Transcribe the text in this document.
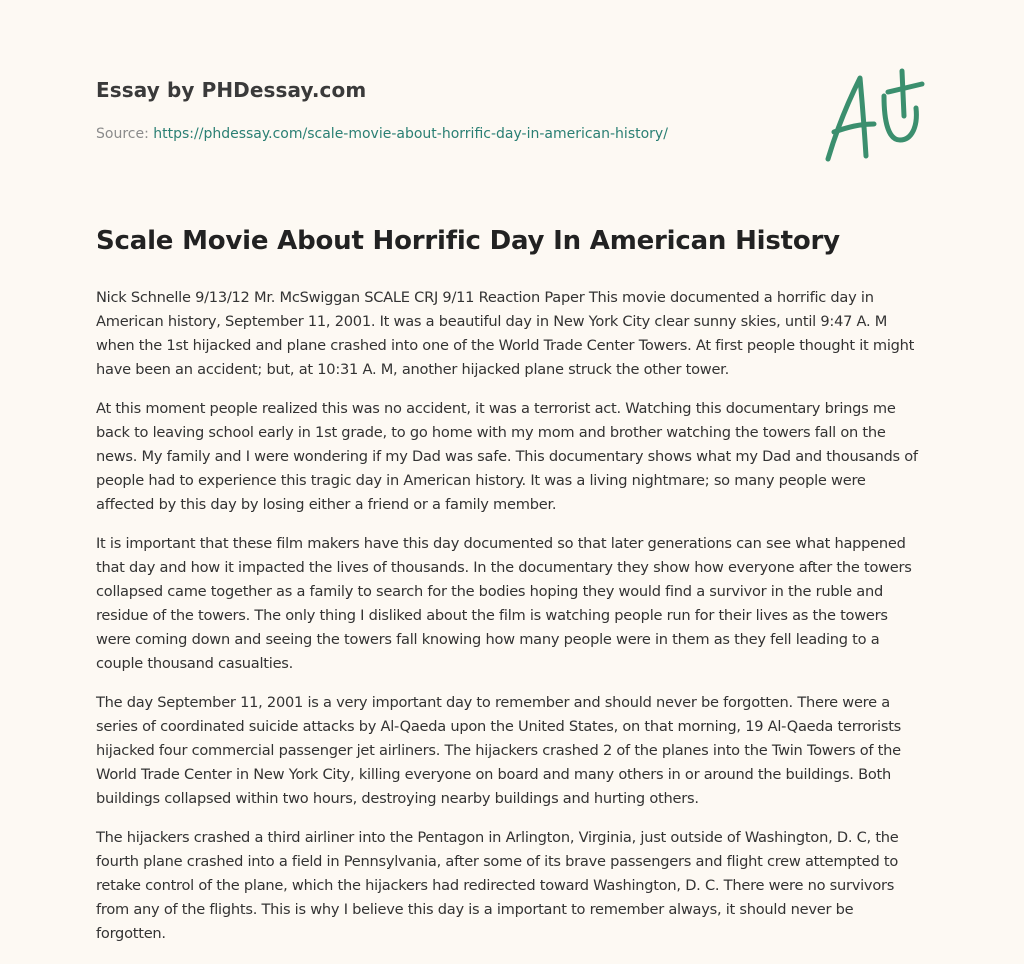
Essay by PHDessay.com
Source: https://phdessay.com/scale-movie-about-horrific-day-in-american-history/
Scale Movie About Horrific Day In American History

Nick Schnelle 9/13/12 Mr. McSwiggan SCALE CRJ 9/11 Reaction Paper This movie documented a horrific day in American history, September 11, 2001. It was a beautiful day in New York City clear sunny skies, until 9:47 A. M when the 1st hijacked and plane crashed into one of the World Trade Center Towers. At first people thought it might have been an accident; but, at 10:31 A. M, another hijacked plane struck the other tower.

At this moment people realized this was no accident, it was a terrorist act. Watching this documentary brings me back to leaving school early in 1st grade, to go home with my mom and brother watching the towers fall on the news. My family and I were wondering if my Dad was safe. This documentary shows what my Dad and thousands of people had to experience this tragic day in American history. It was a living nightmare; so many people were affected by this day by losing either a friend or a family member.

It is important that these film makers have this day documented so that later generations can see what happened that day and how it impacted the lives of thousands. In the documentary they show how everyone after the towers collapsed came together as a family to search for the bodies hoping they would find a survivor in the ruble and residue of the towers. The only thing I disliked about the film is watching people run for their lives as the towers were coming down and seeing the towers fall knowing how many people were in them as they fell leading to a couple thousand casualties.

The day September 11, 2001 is a very important day to remember and should never be forgotten. There were a series of coordinated suicide attacks by Al-Qaeda upon the United States, on that morning, 19 Al-Qaeda terrorists hijacked four commercial passenger jet airliners. The hijackers crashed 2 of the planes into the Twin Towers of the World Trade Center in New York City, killing everyone on board and many others in or around the buildings. Both buildings collapsed within two hours, destroying nearby buildings and hurting others.

The hijackers crashed a third airliner into the Pentagon in Arlington, Virginia, just outside of Washington, D. C, the fourth plane crashed into a field in Pennsylvania, after some of its brave passengers and flight crew attempted to retake control of the plane, which the hijackers had redirected toward Washington, D. C. There were no survivors from any of the flights. This is why I believe this day is a important to remember always, it should never be forgotten.
